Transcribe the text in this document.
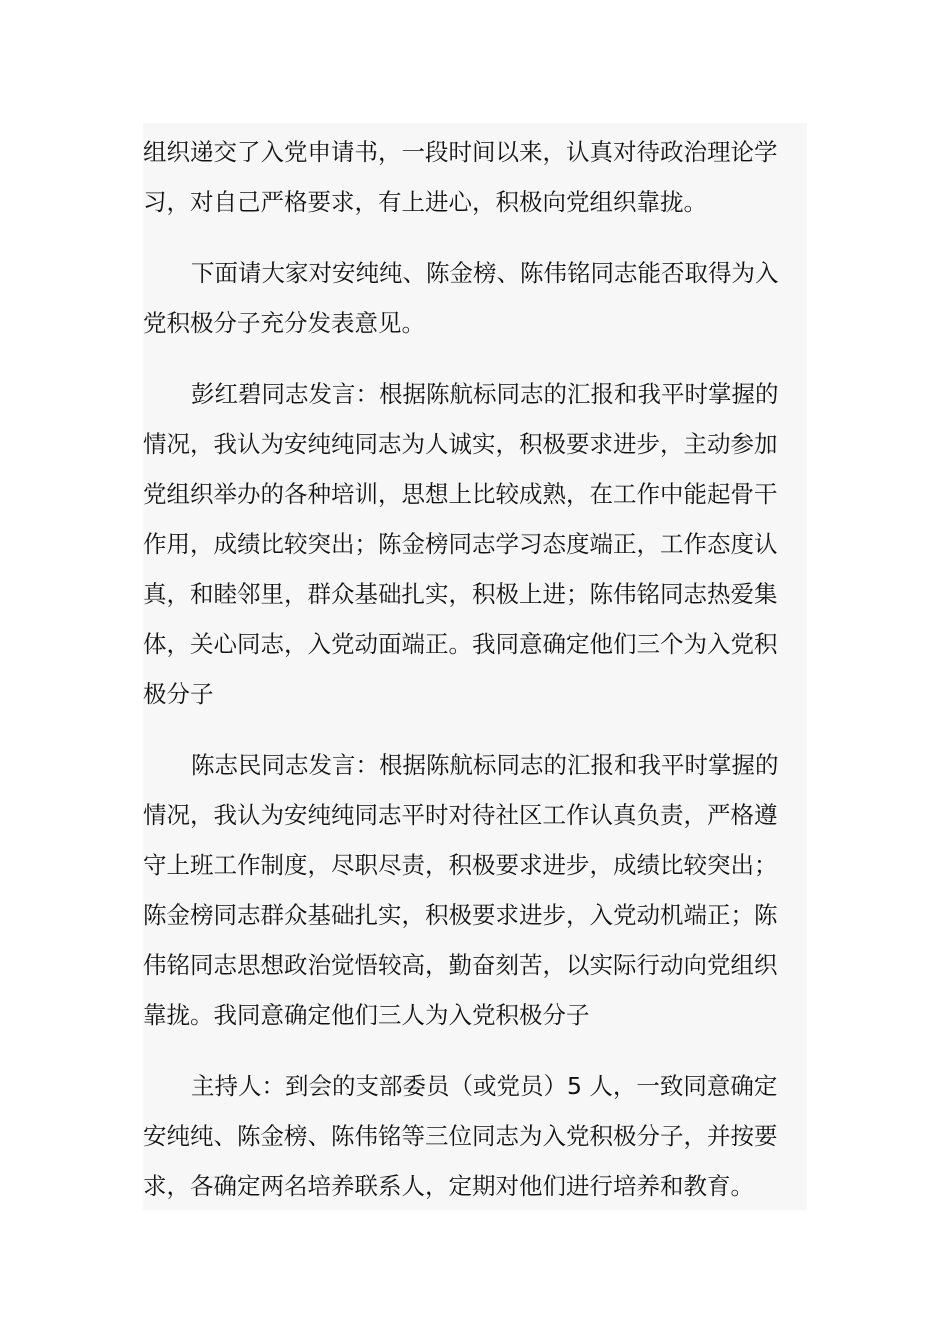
组织递交了入党申请书，一段时间以来，认真对待政治理论学
习，对自己严格要求，有上进心，积极向党组织靠拢。
下面请大家对安纯纯、陈金榜、陈伟铭同志能否取得为入
党积极分子充分发表意见。
彭红碧同志发言：根据陈航标同志的汇报和我平时掌握的
情况，我认为安纯纯同志为人诚实，积极要求进步，主动参加
党组织举办的各种培训，思想上比较成熟，在工作中能起骨干
作用，成绩比较突出；陈金榜同志学习态度端正，工作态度认
真，和睦邻里，群众基础扎实，积极上进；陈伟铭同志热爱集
体，关心同志，入党动面端正。我同意确定他们三个为入党积
极分子
陈志民同志发言：根据陈航标同志的汇报和我平时掌握的
情况，我认为安纯纯同志平时对待社区工作认真负责，严格遵
守上班工作制度，尽职尽责，积极要求进步，成绩比较突出；
陈金榜同志群众基础扎实，积极要求进步，入党动机端正；陈
伟铭同志思想政治觉悟较高，勤奋刻苦，以实际行动向党组织
靠拢。我同意确定他们三人为入党积极分子
主持人：到会的支部委员（或党员）5 人，一致同意确定
安纯纯、陈金榜、陈伟铭等三位同志为入党积极分子，并按要
求，各确定两名培养联系人，定期对他们进行培养和教育。
